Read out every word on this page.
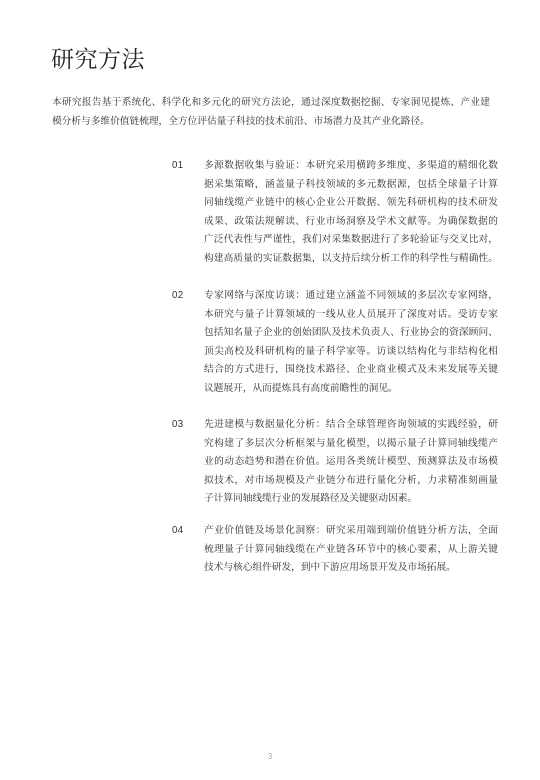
研究方法
本研究报告基于系统化、科学化和多元化的研究方法论，通过深度数据挖掘、专家洞见提炼、产业建
模分析与多维价值链梳理，全方位评估量子科技的技术前沿、市场潜力及其产业化路径。
01 多源数据收集与验证：本研究采用横跨多维度、多渠道的精细化数
据采集策略，涵盖量子科技领域的多元数据源，包括全球量子计算
同轴线缆产业链中的核心企业公开数据、领先科研机构的技术研发
成果、政策法规解读、行业市场洞察及学术文献等。为确保数据的
广泛代表性与严谨性，我们对采集数据进行了多轮验证与交叉比对，
构建高质量的实证数据集，以支持后续分析工作的科学性与精确性。
02 专家网络与深度访谈：通过建立涵盖不同领域的多层次专家网络，
本研究与量子计算领域的一线从业人员展开了深度对话。受访专家
包括知名量子企业的创始团队及技术负责人、行业协会的资深顾问、
顶尖高校及科研机构的量子科学家等。访谈以结构化与非结构化相
结合的方式进行，围绕技术路径、企业商业模式及未来发展等关键
议题展开，从而提炼具有高度前瞻性的洞见。
03 先进建模与数据量化分析：结合全球管理咨询领域的实践经验，研
究构建了多层次分析框架与量化模型，以揭示量子计算同轴线缆产
业的动态趋势和潜在价值。运用各类统计模型、预测算法及市场模
拟技术，对市场规模及产业链分布进行量化分析，力求精准刻画量
子计算同轴线缆行业的发展路径及关键驱动因素。
04 产业价值链及场景化洞察：研究采用端到端价值链分析方法，全面
梳理量子计算同轴线缆在产业链各环节中的核心要素，从上游关键
技术与核心组件研发，到中下游应用场景开发及市场拓展。
3
